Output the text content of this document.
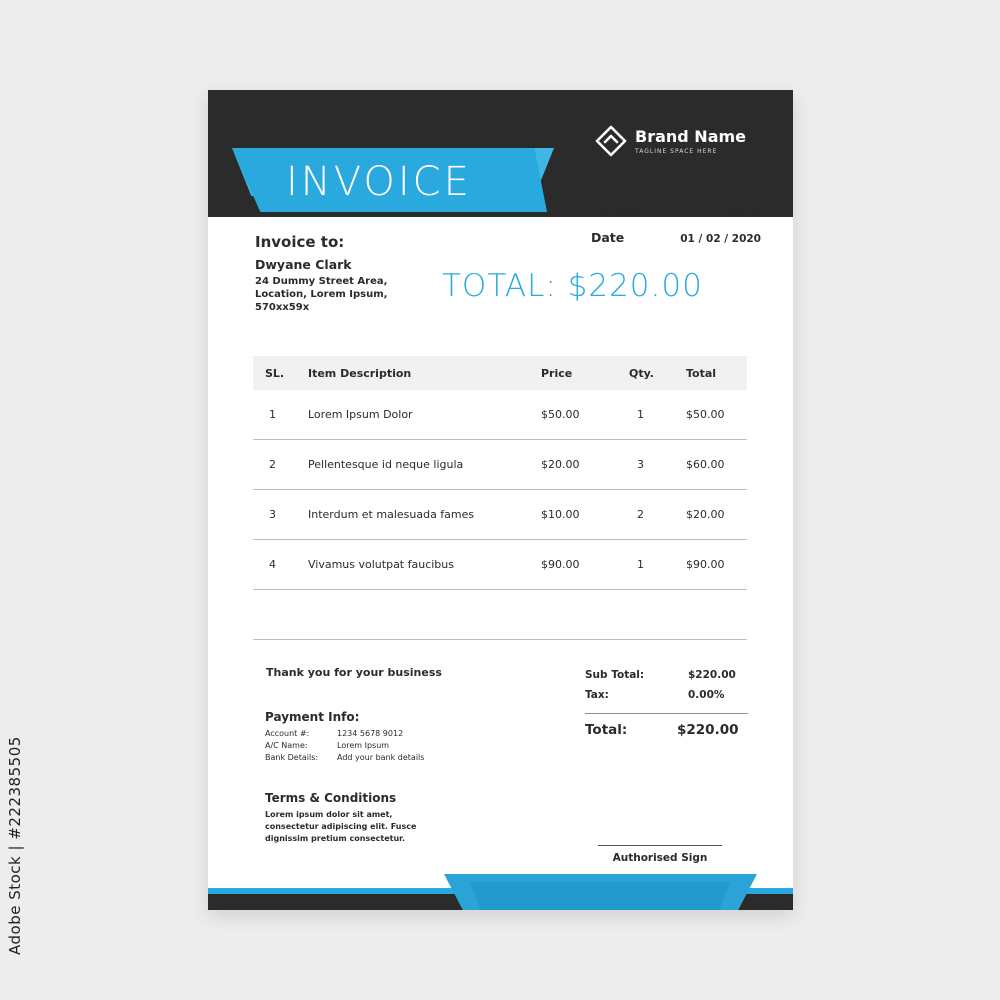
INVOICE
Brand Name
TAGLINE SPACE HERE
Invoice#	52148
Date	01 / 02 / 2020
Invoice to:
Dwyane Clark
24 Dummy Street Area,
Location, Lorem Ipsum,
570xx59x
TOTAL: $220.00
SL.	Item Description	Price	Qty.	Total
1	Lorem Ipsum Dolor	$50.00	1	$50.00
2	Pellentesque id neque ligula	$20.00	3	$60.00
3	Interdum et malesuada fames	$10.00	2	$20.00
4	Vivamus volutpat faucibus	$90.00	1	$90.00
Thank you for your business
Payment Info:
Account #:	1234 5678 9012
A/C Name:	Lorem Ipsum
Bank Details:	Add your bank details
Terms & Conditions
Lorem ipsum dolor sit amet,
consectetur adipiscing elit. Fusce
dignissim pretium consectetur.
Sub Total:	$220.00
Tax:	0.00%
Total:	$220.00
Authorised Sign
Adobe Stock | #222385505
